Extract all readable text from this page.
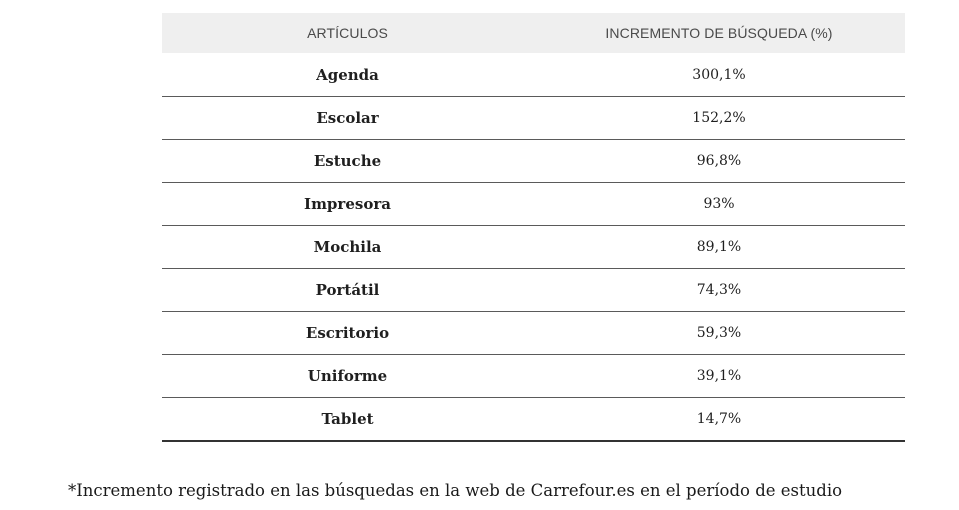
ARTÍCULOS	INCREMENTO DE BÚSQUEDA (%)
Agenda	300,1%
Escolar	152,2%
Estuche	96,8%
Impresora	93%
Mochila	89,1%
Portátil	74,3%
Escritorio	59,3%
Uniforme	39,1%
Tablet	14,7%
*Incremento registrado en las búsquedas en la web de Carrefour.es en el período de estudio
